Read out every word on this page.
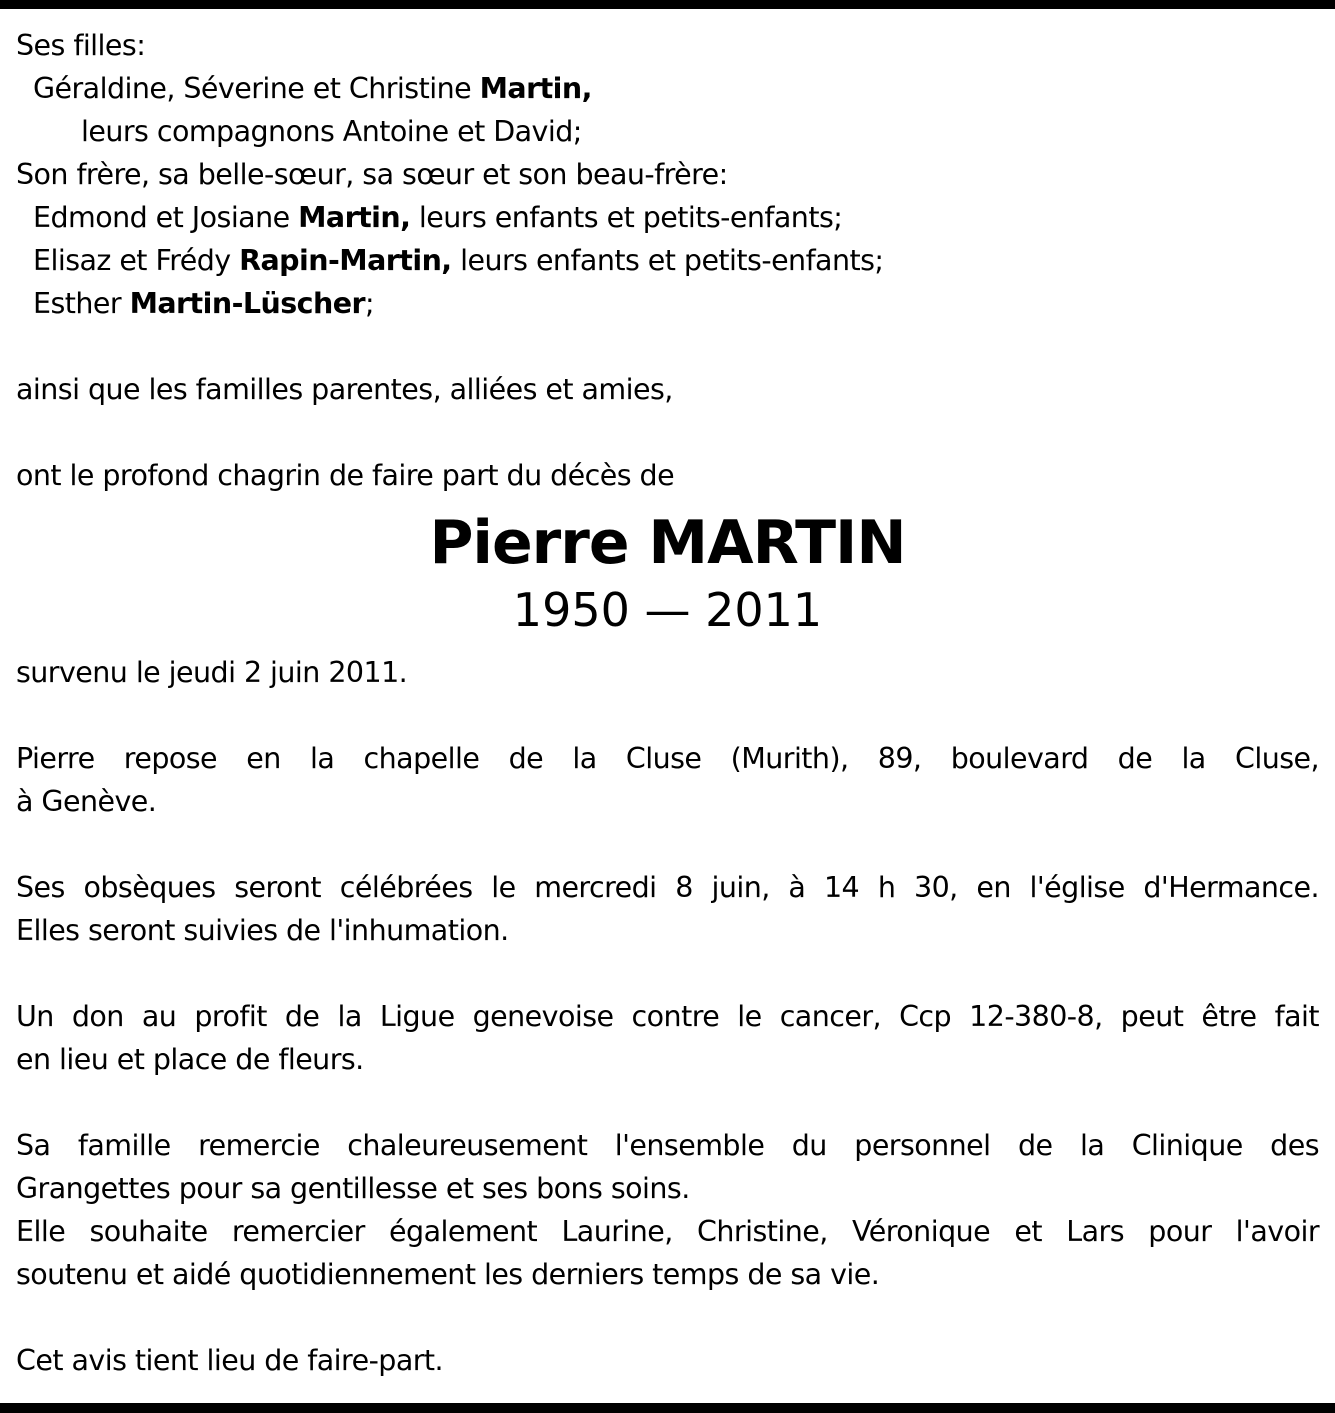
Ses filles:
Géraldine, Séverine et Christine Martin,
leurs compagnons Antoine et David;
Son frère, sa belle-sœur, sa sœur et son beau-frère:
Edmond et Josiane Martin, leurs enfants et petits-enfants;
Elisaz et Frédy Rapin-Martin, leurs enfants et petits-enfants;
Esther Martin-Lüscher;
ainsi que les familles parentes, alliées et amies,
ont le profond chagrin de faire part du décès de
Pierre MARTIN
1950 — 2011
survenu le jeudi 2 juin 2011.
Pierre repose en la chapelle de la Cluse (Murith), 89, boulevard de la Cluse,
à Genève.
Ses obsèques seront célébrées le mercredi 8 juin, à 14 h 30, en l'église d'Hermance.
Elles seront suivies de l'inhumation.
Un don au profit de la Ligue genevoise contre le cancer, Ccp 12-380-8, peut être fait
en lieu et place de fleurs.
Sa famille remercie chaleureusement l'ensemble du personnel de la Clinique des
Grangettes pour sa gentillesse et ses bons soins.
Elle souhaite remercier également Laurine, Christine, Véronique et Lars pour l'avoir
soutenu et aidé quotidiennement les derniers temps de sa vie.
Cet avis tient lieu de faire-part.
